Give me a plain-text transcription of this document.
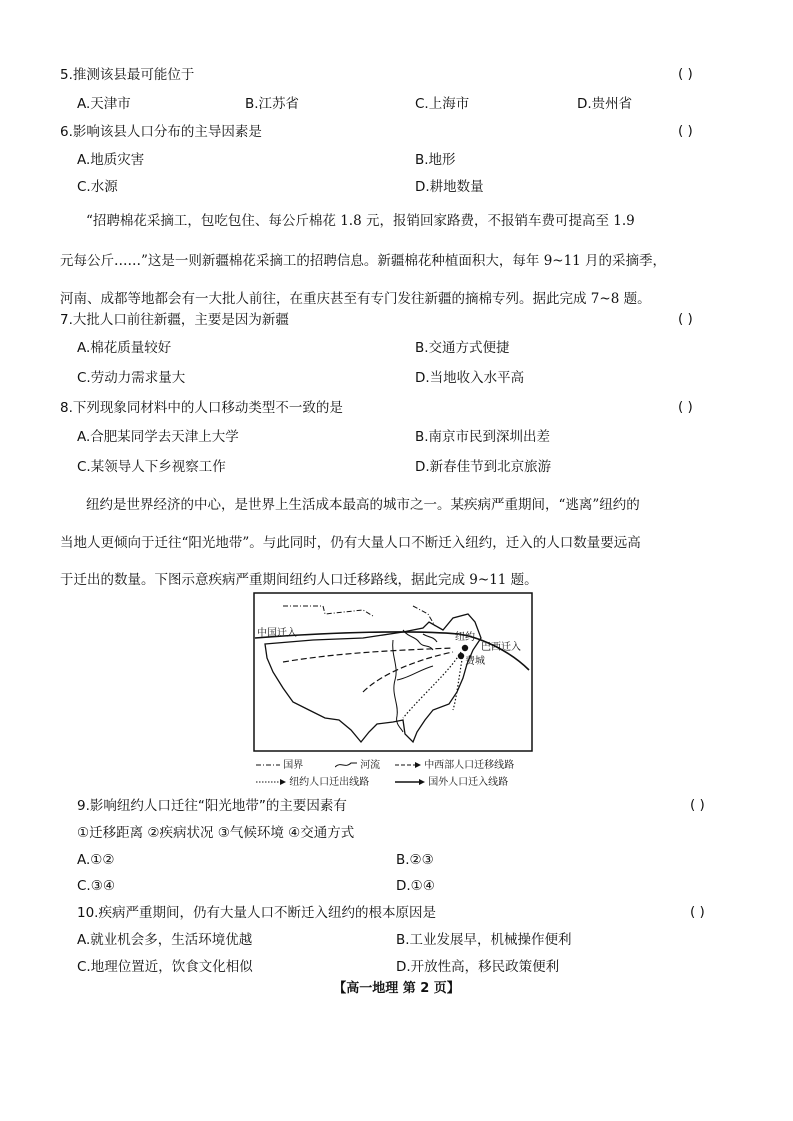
5.推测该县最可能位于	( )
A.天津市	B.江苏省	C.上海市	D.贵州省
6.影响该县人口分布的主导因素是	( )
A.地质灾害	B.地形
C.水源	D.耕地数量
“招聘棉花采摘工，包吃包住、每公斤棉花 1.8 元，报销回家路费，不报销车费可提高至 1.9
元每公斤……”这是一则新疆棉花采摘工的招聘信息。新疆棉花种植面积大，每年 9~11 月的采摘季，
河南、成都等地都会有一大批人前往，在重庆甚至有专门发往新疆的摘棉专列。据此完成 7~8 题。
7.大批人口前往新疆，主要是因为新疆	( )
A.棉花质量较好	B.交通方式便捷
C.劳动力需求量大	D.当地收入水平高
8.下列现象同材料中的人口移动类型不一致的是	( )
A.合肥某同学去天津上大学	B.南京市民到深圳出差
C.某领导人下乡视察工作	D.新春佳节到北京旅游
纽约是世界经济的中心，是世界上生活成本最高的城市之一。某疾病严重期间，“逃离”纽约的
当地人更倾向于迁往“阳光地带”。与此同时，仍有大量人口不断迁入纽约，迁入的人口数量要远高
于迁出的数量。下图示意疾病严重期间纽约人口迁移路线，据此完成 9~11 题。
中国迁入	纽约
巴西迁入
费城
国界	河流	中西部人口迁移线路
纽约人口迁出线路	国外人口迁入线路
9.影响纽约人口迁往“阳光地带”的主要因素有	( )
①迁移距离 ②疾病状况 ③气候环境 ④交通方式
A.①②	B.②③
C.③④	D.①④
10.疾病严重期间，仍有大量人口不断迁入纽约的根本原因是	( )
A.就业机会多，生活环境优越	B.工业发展早，机械操作便利
C.地理位置近，饮食文化相似	D.开放性高，移民政策便利
【高一地理 第 2 页】
